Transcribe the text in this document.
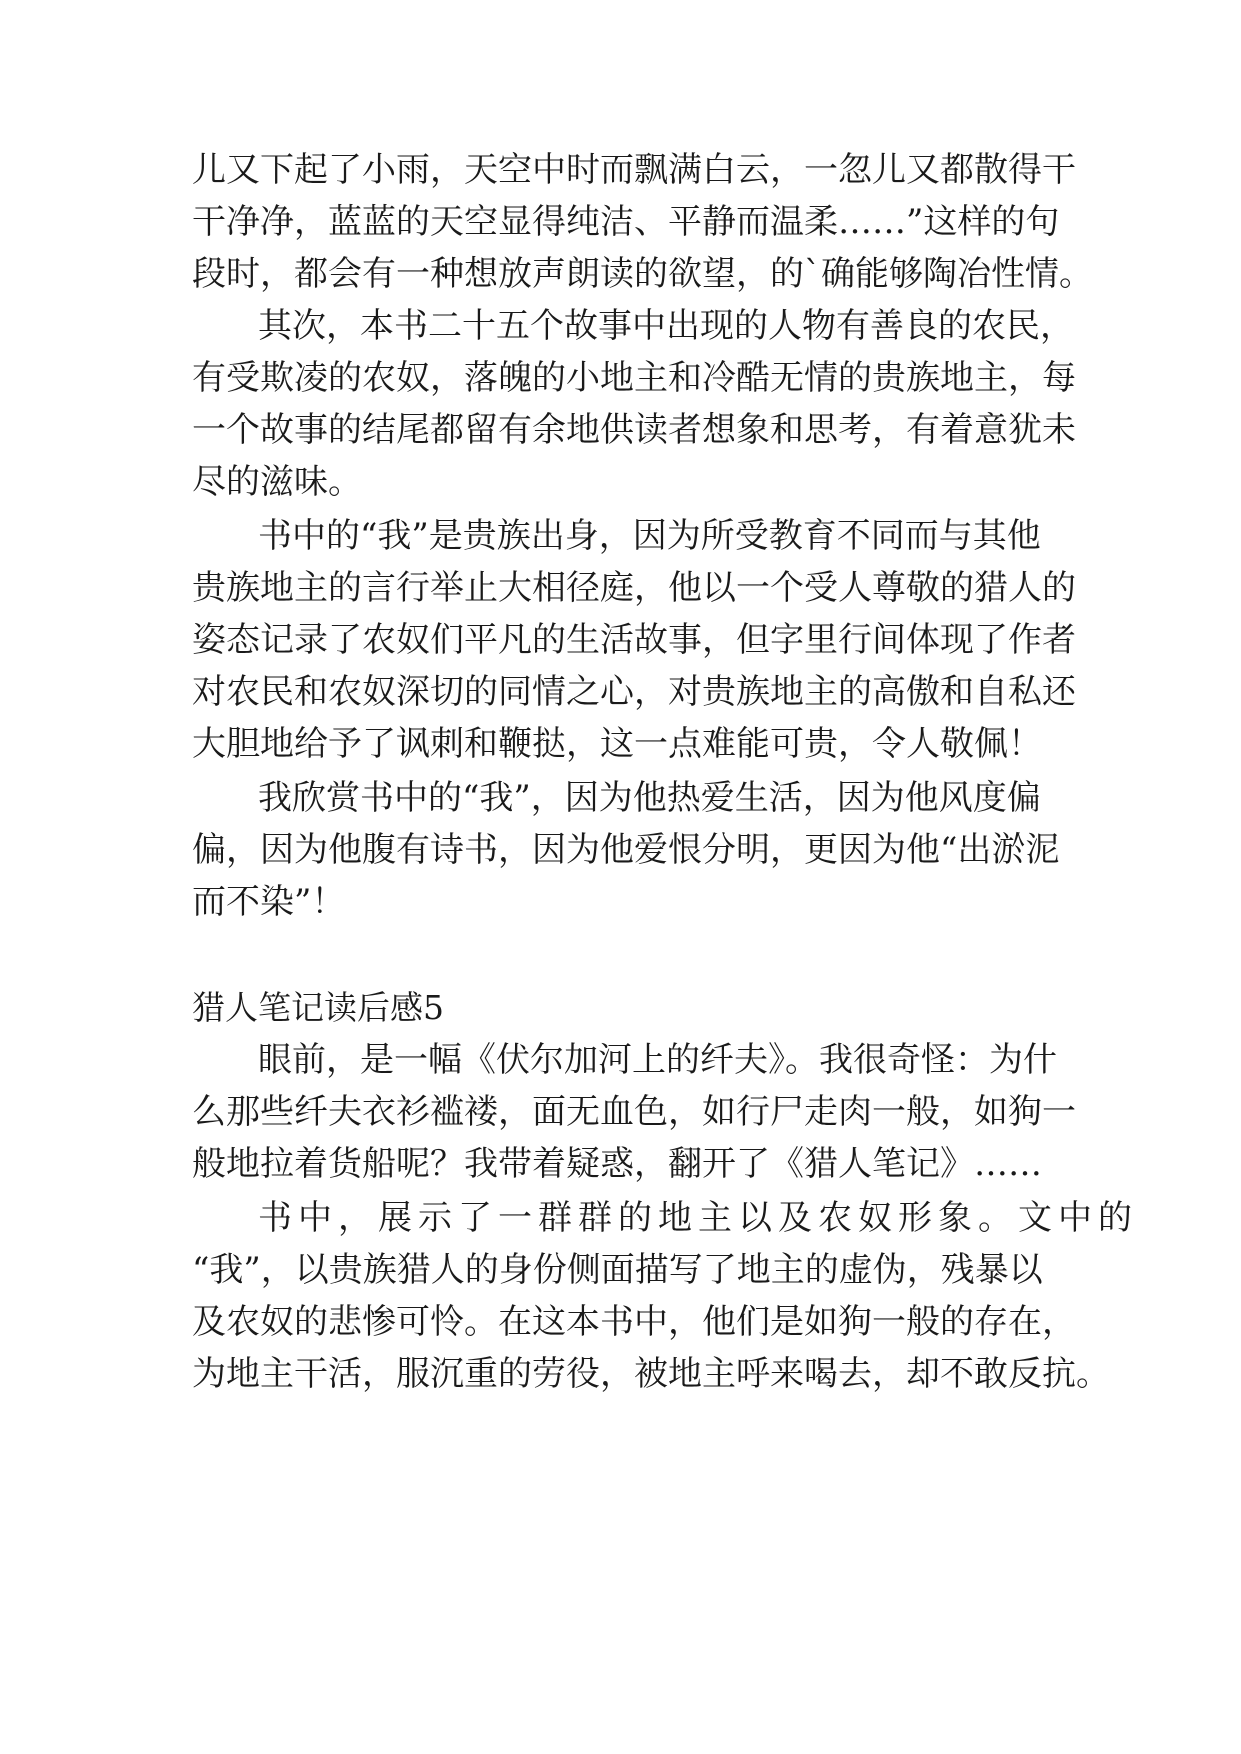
儿又下起了小雨，天空中时而飘满白云，一忽儿又都散得干
干净净，蓝蓝的天空显得纯洁、平静而温柔……”这样的句
段时，都会有一种想放声朗读的欲望，的`确能够陶冶性情。
其次，本书二十五个故事中出现的人物有善良的农民，
有受欺凌的农奴，落魄的小地主和冷酷无情的贵族地主，每
一个故事的结尾都留有余地供读者想象和思考，有着意犹未
尽的滋味。
书中的“我”是贵族出身，因为所受教育不同而与其他
贵族地主的言行举止大相径庭，他以一个受人尊敬的猎人的
姿态记录了农奴们平凡的生活故事，但字里行间体现了作者
对农民和农奴深切的同情之心，对贵族地主的高傲和自私还
大胆地给予了讽刺和鞭挞，这一点难能可贵，令人敬佩！
我欣赏书中的“我”，因为他热爱生活，因为他风度偏
偏，因为他腹有诗书，因为他爱恨分明，更因为他“出淤泥
而不染”！
猎人笔记读后感5
眼前，是一幅《伏尔加河上的纤夫》。我很奇怪：为什
么那些纤夫衣衫褴褛，面无血色，如行尸走肉一般，如狗一
般地拉着货船呢？我带着疑惑，翻开了《猎人笔记》……
书中，展示了一群群的地主以及农奴形象。文中的
“我”，以贵族猎人的身份侧面描写了地主的虚伪，残暴以
及农奴的悲惨可怜。在这本书中，他们是如狗一般的存在，
为地主干活，服沉重的劳役，被地主呼来喝去，却不敢反抗。
